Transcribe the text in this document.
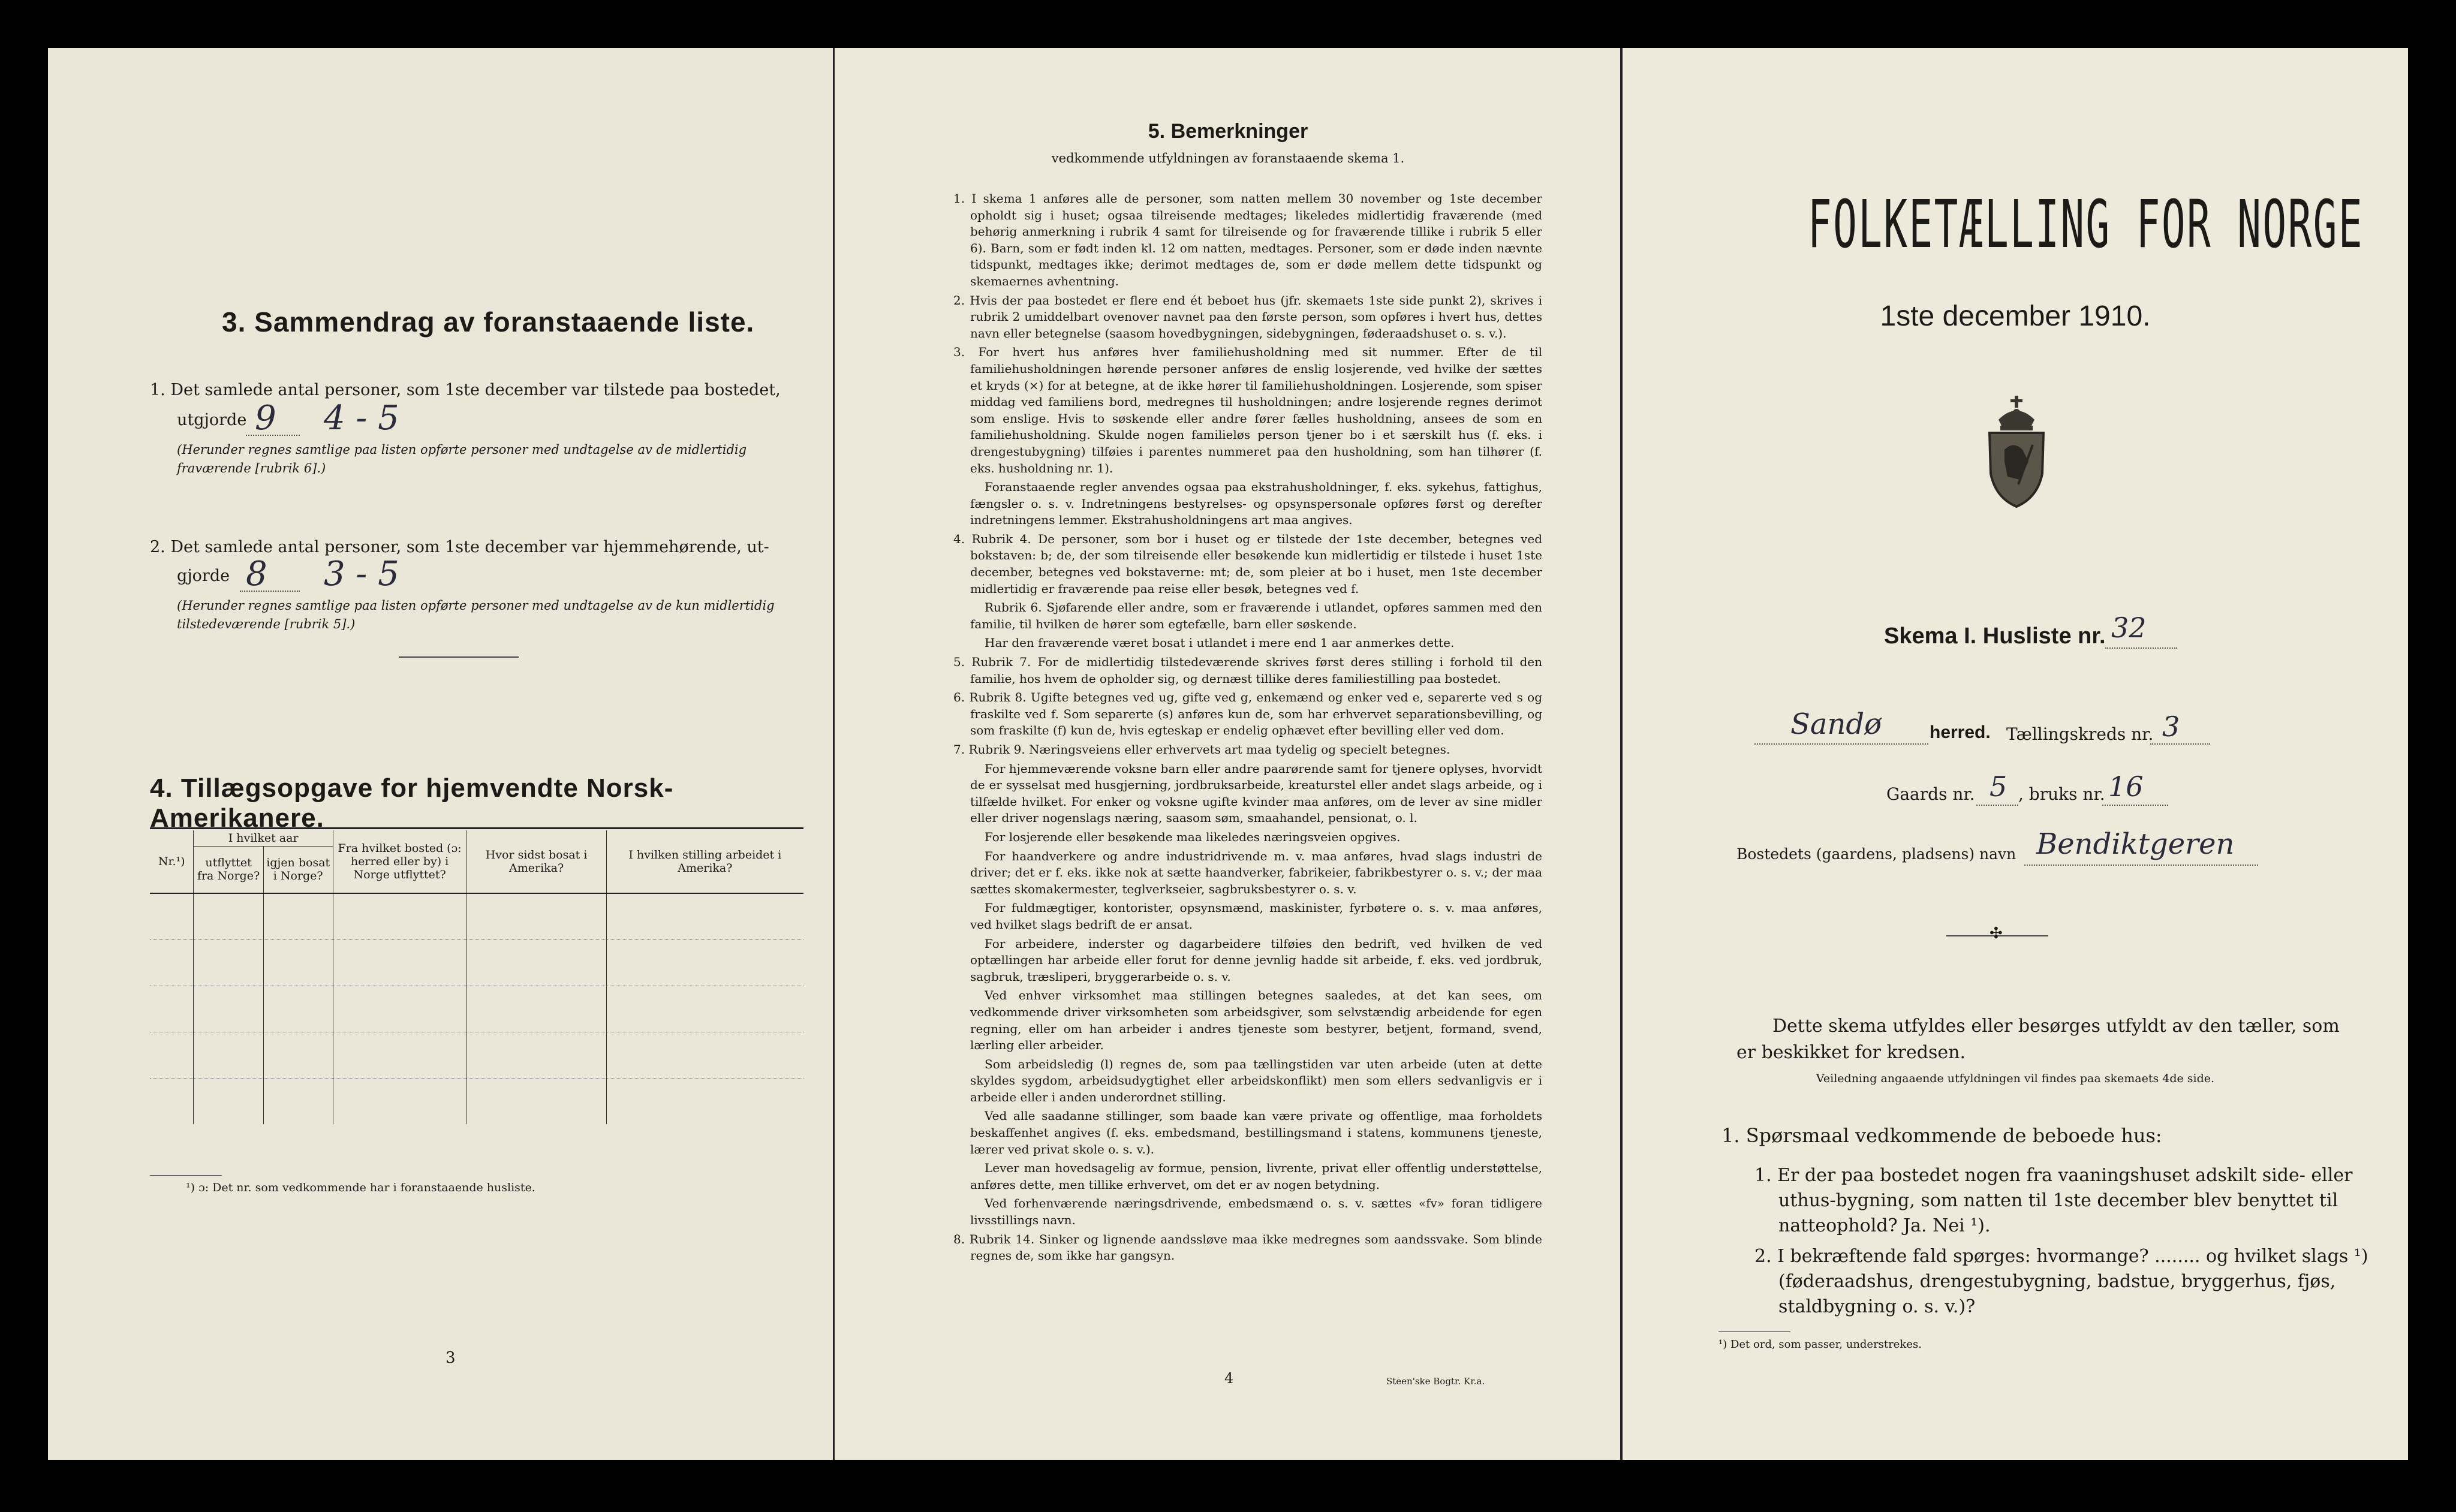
3. Sammendrag av foranstaaende liste.
1. Det samlede antal personer, som 1ste december var tilstede paa bostedet,
utgjorde 9 4 - 5
(Herunder regnes samtlige paa listen opførte personer med undtagelse av de midlertidig fraværende [rubrik 6].)
2. Det samlede antal personer, som 1ste december var hjemmehørende, ut-
gjorde 8 3 - 5
(Herunder regnes samtlige paa listen opførte personer med undtagelse av de kun midlertidig tilstedeværende [rubrik 5].)
4. Tillægsopgave for hjemvendte Norsk-Amerikanere.
Nr.¹)	I hvilket aar		Fra hvilket bosted (ɔ: herred eller by) i Norge utflyttet?	Hvor sidst bosat i Amerika?	I hvilken stilling arbeidet i Amerika?
	utflyttet fra Norge?	igjen bosat i Norge?			

¹) ɔ: Det nr. som vedkommende har i foranstaaende husliste.
3
5. Bemerkninger
vedkommende utfyldningen av foranstaaende skema 1.

1. I skema 1 anføres alle de personer, som natten mellem 30 november og 1ste december opholdt sig i huset; ogsaa tilreisende medtages; likeledes midlertidig fraværende (med behørig anmerkning i rubrik 4 samt for tilreisende og for fraværende tillike i rubrik 5 eller 6). Barn, som er født inden kl. 12 om natten, medtages. Personer, som er døde inden nævnte tidspunkt, medtages ikke; derimot medtages de, som er døde mellem dette tidspunkt og skemaernes avhentning.

2. Hvis der paa bostedet er flere end ét beboet hus (jfr. skemaets 1ste side punkt 2), skrives i rubrik 2 umiddelbart ovenover navnet paa den første person, som opføres i hvert hus, dettes navn eller betegnelse (saasom hovedbygningen, sidebygningen, føderaadshuset o. s. v.).

3. For hvert hus anføres hver familiehusholdning med sit nummer. Efter de til familiehusholdningen hørende personer anføres de enslig losjerende, ved hvilke der sættes et kryds (×) for at betegne, at de ikke hører til familiehusholdningen. Losjerende, som spiser middag ved familiens bord, medregnes til husholdningen; andre losjerende regnes derimot som enslige. Hvis to søskende eller andre fører fælles husholdning, ansees de som en familiehusholdning. Skulde nogen familieløs person tjener bo i et særskilt hus (f. eks. i drengestubygning) tilføies i parentes nummeret paa den husholdning, som han tilhører (f. eks. husholdning nr. 1).

Foranstaaende regler anvendes ogsaa paa ekstrahusholdninger, f. eks. sykehus, fattighus, fængsler o. s. v. Indretningens bestyrelses- og opsynspersonale opføres først og derefter indretningens lemmer. Ekstrahusholdningens art maa angives.

4. Rubrik 4. De personer, som bor i huset og er tilstede der 1ste december, betegnes ved bokstaven: b; de, der som tilreisende eller besøkende kun midlertidig er tilstede i huset 1ste december, betegnes ved bokstaverne: mt; de, som pleier at bo i huset, men 1ste december midlertidig er fraværende paa reise eller besøk, betegnes ved f.

Rubrik 6. Sjøfarende eller andre, som er fraværende i utlandet, opføres sammen med den familie, til hvilken de hører som egtefælle, barn eller søskende.

Har den fraværende været bosat i utlandet i mere end 1 aar anmerkes dette.

5. Rubrik 7. For de midlertidig tilstedeværende skrives først deres stilling i forhold til den familie, hos hvem de opholder sig, og dernæst tillike deres familiestilling paa bostedet.

6. Rubrik 8. Ugifte betegnes ved ug, gifte ved g, enkemænd og enker ved e, separerte ved s og fraskilte ved f. Som separerte (s) anføres kun de, som har erhvervet separationsbevilling, og som fraskilte (f) kun de, hvis egteskap er endelig ophævet efter bevilling eller ved dom.

7. Rubrik 9. Næringsveiens eller erhvervets art maa tydelig og specielt betegnes.

For hjemmeværende voksne barn eller andre paarørende samt for tjenere oplyses, hvorvidt de er sysselsat med husgjerning, jordbruksarbeide, kreaturstel eller andet slags arbeide, og i tilfælde hvilket. For enker og voksne ugifte kvinder maa anføres, om de lever av sine midler eller driver nogenslags næring, saasom søm, smaahandel, pensionat, o. l.

For losjerende eller besøkende maa likeledes næringsveien opgives.

For haandverkere og andre industridrivende m. v. maa anføres, hvad slags industri de driver; det er f. eks. ikke nok at sætte haandverker, fabrikeier, fabrikbestyrer o. s. v.; der maa sættes skomakermester, teglverkseier, sagbruksbestyrer o. s. v.

For fuldmægtiger, kontorister, opsynsmænd, maskinister, fyrbøtere o. s. v. maa anføres, ved hvilket slags bedrift de er ansat.

For arbeidere, inderster og dagarbeidere tilføies den bedrift, ved hvilken de ved optællingen har arbeide eller forut for denne jevnlig hadde sit arbeide, f. eks. ved jordbruk, sagbruk, træsliperi, bryggerarbeide o. s. v.

Ved enhver virksomhet maa stillingen betegnes saaledes, at det kan sees, om vedkommende driver virksomheten som arbeidsgiver, som selvstændig arbeidende for egen regning, eller om han arbeider i andres tjeneste som bestyrer, betjent, formand, svend, lærling eller arbeider.

Som arbeidsledig (l) regnes de, som paa tællingstiden var uten arbeide (uten at dette skyldes sygdom, arbeidsudygtighet eller arbeidskonflikt) men som ellers sedvanligvis er i arbeide eller i anden underordnet stilling.

Ved alle saadanne stillinger, som baade kan være private og offentlige, maa forholdets beskaffenhet angives (f. eks. embedsmand, bestillingsmand i statens, kommunens tjeneste, lærer ved privat skole o. s. v.).

Lever man hovedsagelig av formue, pension, livrente, privat eller offentlig understøttelse, anføres dette, men tillike erhvervet, om det er av nogen betydning.

Ved forhenværende næringsdrivende, embedsmænd o. s. v. sættes «fv» foran tidligere livsstillings navn.

8. Rubrik 14. Sinker og lignende aandssløve maa ikke medregnes som aandssvake. Som blinde regnes de, som ikke har gangsyn.

4	Steen'ske Bogtr. Kr.a.
FOLKETÆLLING FOR NORGE
1ste december 1910.
Skema I. Husliste nr. 32
Sandø	herred. Tællingskreds nr. 3
Gaards nr. 5 , bruks nr. 16
Bostedets (gaardens, pladsens) navn Bendiktgeren
✣
Dette skema utfyldes eller besørges utfyldt av den tæller, som er beskikket for kredsen.
Veiledning angaaende utfyldningen vil findes paa skemaets 4de side.
1. Spørsmaal vedkommende de beboede hus:
1. Er der paa bostedet nogen fra vaaningshuset adskilt side- eller uthus-bygning, som natten til 1ste december blev benyttet til natteophold? Ja. Nei ¹).
2. I bekræftende fald spørges: hvormange? ........ og hvilket slags ¹) (føderaadshus, drengestubygning, badstue, bryggerhus, fjøs, staldbygning o. s. v.)?
¹) Det ord, som passer, understrekes.
